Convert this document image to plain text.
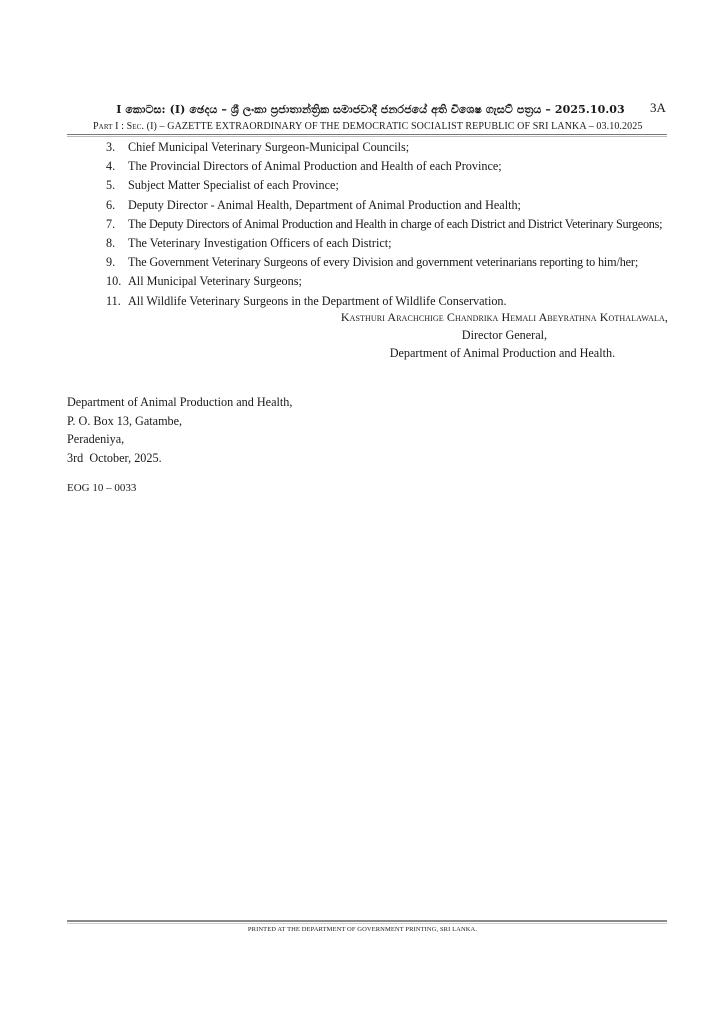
I කොටස: (I) ඡෙදය – ශ්‍රී ලංකා ප්‍රජාතාන්ත්‍රික සමාජවාදී ජනරජයේ අති විශෙෂ ගැසට් පත්‍රය – 2025.10.03	3A
Part I : Sec. (I) – GAZETTE EXTRAORDINARY OF THE DEMOCRATIC SOCIALIST REPUBLIC OF SRI LANKA – 03.10.2025
3. Chief Municipal Veterinary Surgeon-Municipal Councils;
4. The Provincial Directors of Animal Production and Health of each Province;
5. Subject Matter Specialist of each Province;
6. Deputy Director - Animal Health, Department of Animal Production and Health;
7. The Deputy Directors of Animal Production and Health in charge of each District and District Veterinary Surgeons;
8. The Veterinary Investigation Officers of each District;
9. The Government Veterinary Surgeons of every Division and government veterinarians reporting to him/her;
10. All Municipal Veterinary Surgeons;
11. All Wildlife Veterinary Surgeons in the Department of Wildlife Conservation.
Kasthuri Arachchige Chandrika Hemali Abeyrathna Kothalawala,
Director General,
Department of Animal Production and Health.
Department of Animal Production and Health,
P. O. Box 13, Gatambe,
Peradeniya,
3rd  October, 2025.
EOG 10 – 0033
PRINTED AT THE DEPARTMENT OF GOVERNMENT PRINTING, SRI LANKA.
